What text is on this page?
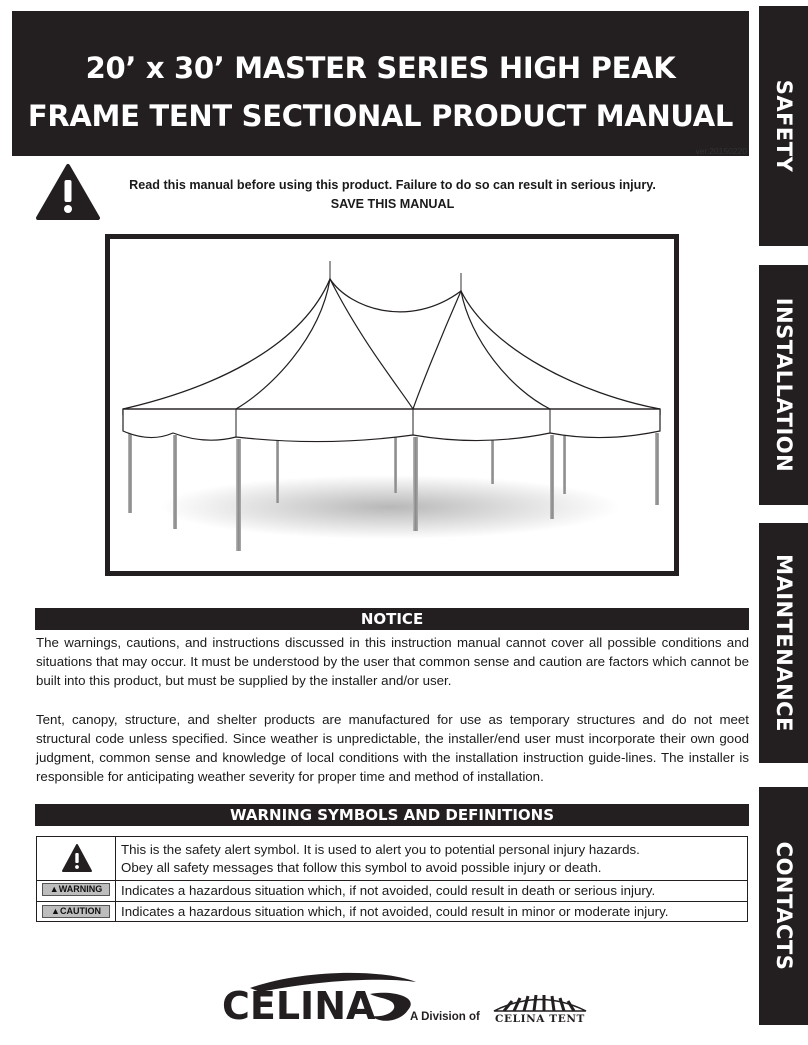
20’ x 30’ MASTER SERIES HIGH PEAK
FRAME TENT SECTIONAL PRODUCT MANUAL
ver.20150220 SAFETY
INSTALLATION
MAINTENANCE
CONTACTS
Read this manual before using this product. Failure to do so can result in serious injury.
SAVE THIS MANUAL
NOTICE
The warnings, cautions, and instructions discussed in this instruction manual cannot cover all possible conditions and situations that may occur. It must be understood by the user that common sense and caution are factors which cannot be built into this product, but must be supplied by the installer and/or user.
Tent, canopy, structure, and shelter products are manufactured for use as temporary structures and do not meet structural code unless specified. Since weather is unpredictable, the installer/end user must incorporate their own good judgment, common sense and knowledge of local conditions with the installation instruction guide-lines. The installer is responsible for anticipating weather severity for proper time and method of installation.
WARNING SYMBOLS AND DEFINITIONS
This is the safety alert symbol. It is used to alert you to potential personal injury hazards.
Obey all safety messages that follow this symbol to avoid possible injury or death.
▲WARNING	Indicates a hazardous situation which, if not avoided, could result in death or serious injury.
▲CAUTION	Indicates a hazardous situation which, if not avoided, could result in minor or moderate injury.
CELINA	A Division of CELINA TENT
